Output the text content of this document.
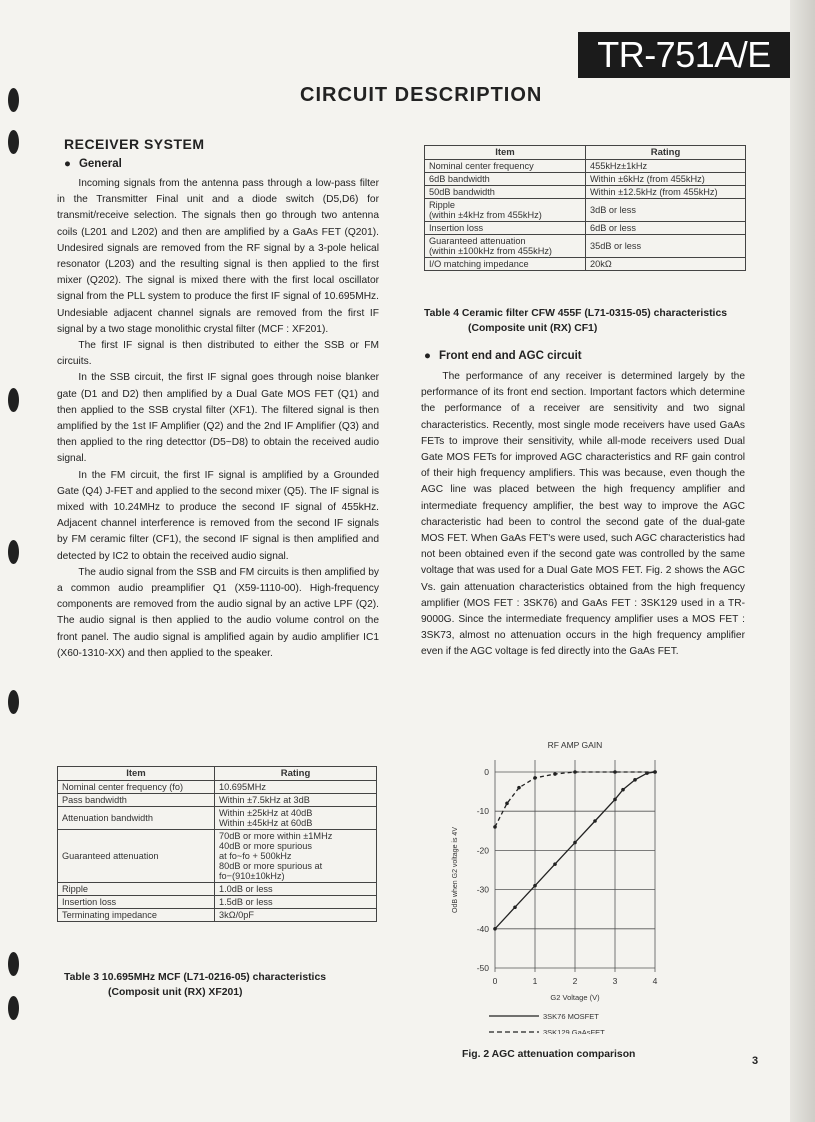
TR-751A/E
CIRCUIT DESCRIPTION
RECEIVER SYSTEM
● General

Incoming signals from the antenna pass through a low-pass filter in the Transmitter Final unit and a diode switch (D5,D6) for transmit/receive selection. The signals then go through two antenna coils (L201 and L202) and then are amplified by a GaAs FET (Q201). Undesired signals are removed from the RF signal by a 3-pole helical resonator (L203) and the resulting signal is then applied to the first mixer (Q202). The signal is mixed there with the first local oscillator signal from the PLL system to produce the first IF signal of 10.695MHz. Undesiable adjacent channel signals are removed from the first IF signal by a two stage monolithic crystal filter (MCF : XF201).

The first IF signal is then distributed to either the SSB or FM circuits.

In the SSB circuit, the first IF signal goes through noise blanker gate (D1 and D2) then amplified by a Dual Gate MOS FET (Q1) and then applied to the SSB crystal filter (XF1). The filtered signal is then amplified by the 1st IF Amplifier (Q2) and the 2nd IF Amplifier (Q3) and then applied to the ring detecttor (D5~D8) to obtain the received audio signal.

In the FM circuit, the first IF signal is amplified by a Grounded Gate (Q4) J-FET and applied to the second mixer (Q5). The IF signal is mixed with 10.24MHz to produce the second IF signal of 455kHz. Adjacent channel interference is removed from the second IF signals by FM ceramic filter (CF1), the second IF signal is then amplified and detected by IC2 to obtain the received audio signal.

The audio signal from the SSB and FM circuits is then amplified by a common audio preamplifier Q1 (X59-1110-00). High-frequency components are removed from the audio signal by an active LPF (Q2). The audio signal is then applied to the audio volume control on the front panel. The audio signal is amplified again by audio amplifier IC1 (X60-1310-XX) and then applied to the speaker.

Item	Rating
Nominal center frequency (fo)	10.695MHz
Pass bandwidth	Within ±7.5kHz at 3dB
Attenuation bandwidth	Within ±25kHz at 40dB
Within ±45kHz at 60dB
Guaranteed attenuation	70dB or more within ±1MHz
40dB or more spurious
at fo~fo + 500kHz
80dB or more spurious at
fo−(910±10kHz)
Ripple	1.0dB or less
Insertion loss	1.5dB or less
Terminating impedance	3kΩ/0pF
Table 3 10.695MHz MCF (L71-0216-05) characteristics
(Composit unit (RX) XF201)
Item	Rating
Nominal center frequency	455kHz±1kHz
6dB bandwidth	Within ±6kHz (from 455kHz)
50dB bandwidth	Within ±12.5kHz (from 455kHz)
Ripple
(within ±4kHz from 455kHz)	3dB or less
Insertion loss	6dB or less
Guaranteed attenuation
(within ±100kHz from 455kHz)	35dB or less
I/O matching impedance	20kΩ
Table 4 Ceramic filter CFW 455F (L71-0315-05) characteristics
(Composite unit (RX) CF1)
● Front end and AGC circuit

The performance of any receiver is determined largely by the performance of its front end section. Important factors which determine the performance of a receiver are sensitivity and two signal characteristics. Recently, most single mode receivers have used GaAs FETs to improve their sensitivity, while all-mode receivers used Dual Gate MOS FETs for improved AGC characteristics and RF gain control of their high frequency amplifiers. This was because, even though the AGC line was placed between the high frequency amplifier and intermediate frequency amplifier, the best way to improve the AGC characteristic had been to control the second gate of the dual-gate MOS FET. When GaAs FET's were used, such AGC characteristics had not been obtained even if the second gate was controlled by the same voltage that was used for a Dual Gate MOS FET. Fig. 2 shows the AGC Vs. gain attenuation characteristics obtained from the high frequency amplifier (MOS FET : 3SK76) and GaAs FET : 3SK129 used in a TR-9000G. Since the intermediate frequency amplifier uses a MOS FET : 3SK73, almost no attenuation occurs in the high frequency amplifier even if the AGC voltage is fed directly into the GaAs FET.

RF AMP GAIN
0	1	2	3	4
0
-10
-20
-30
-40
-50
G2 Voltage (V)
OdB when G2 voltage is 4V
3SK76 MOSFET
3SK129 GaAsFET
Fig. 2 AGC attenuation comparison
3
